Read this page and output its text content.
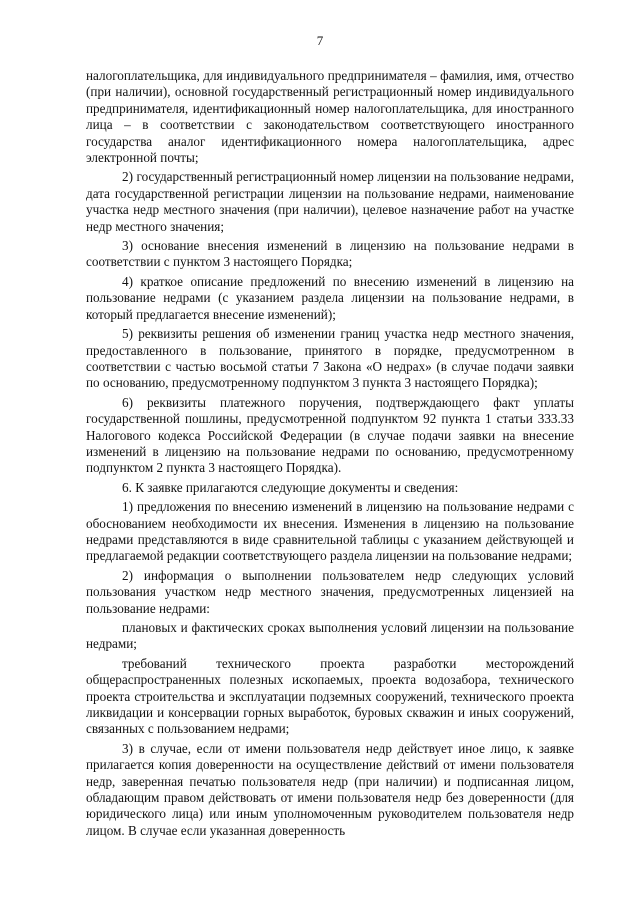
7

налогоплательщика, для индивидуального предпринимателя – фамилия, имя, отчество (при наличии), основной государственный регистрационный номер индивидуального предпринимателя, идентификационный номер налогоплательщика, для иностранного лица – в соответствии с законодательством соответствующего иностранного государства аналог идентификационного номера налогоплательщика, адрес электронной почты;

2) государственный регистрационный номер лицензии на пользование недрами, дата государственной регистрации лицензии на пользование недрами, наименование участка недр местного значения (при наличии), целевое назначение работ на участке недр местного значения;

3) основание внесения изменений в лицензию на пользование недрами в соответствии с пунктом 3 настоящего Порядка;

4) краткое описание предложений по внесению изменений в лицензию на пользование недрами (с указанием раздела лицензии на пользование недрами, в который предлагается внесение изменений);

5) реквизиты решения об изменении границ участка недр местного значения, предоставленного в пользование, принятого в порядке, предусмотренном в соответствии с частью восьмой статьи 7 Закона «О недрах» (в случае подачи заявки по основанию, предусмотренному подпунктом 3 пункта 3 настоящего Порядка);

6) реквизиты платежного поручения, подтверждающего факт уплаты государственной пошлины, предусмотренной подпунктом 92 пункта 1 статьи 333.33 Налогового кодекса Российской Федерации (в случае подачи заявки на внесение изменений в лицензию на пользование недрами по основанию, предусмотренному подпунктом 2 пункта 3 настоящего Порядка).

6. К заявке прилагаются следующие документы и сведения:

1) предложения по внесению изменений в лицензию на пользование недрами с обоснованием необходимости их внесения. Изменения в лицензию на пользование недрами представляются в виде сравнительной таблицы с указанием действующей и предлагаемой редакции соответствующего раздела лицензии на пользование недрами;

2) информация о выполнении пользователем недр следующих условий пользования участком недр местного значения, предусмотренных лицензией на пользование недрами:

плановых и фактических сроках выполнения условий лицензии на пользование недрами;

требований технического проекта разработки месторождений общераспространенных полезных ископаемых, проекта водозабора, технического проекта строительства и эксплуатации подземных сооружений, технического проекта ликвидации и консервации горных выработок, буровых скважин и иных сооружений, связанных с пользованием недрами;

3) в случае, если от имени пользователя недр действует иное лицо, к заявке прилагается копия доверенности на осуществление действий от имени пользователя недр, заверенная печатью пользователя недр (при наличии) и подписанная лицом, обладающим правом действовать от имени пользователя недр без доверенности (для юридического лица) или иным уполномоченным руководителем пользователя недр лицом. В случае если указанная доверенность
